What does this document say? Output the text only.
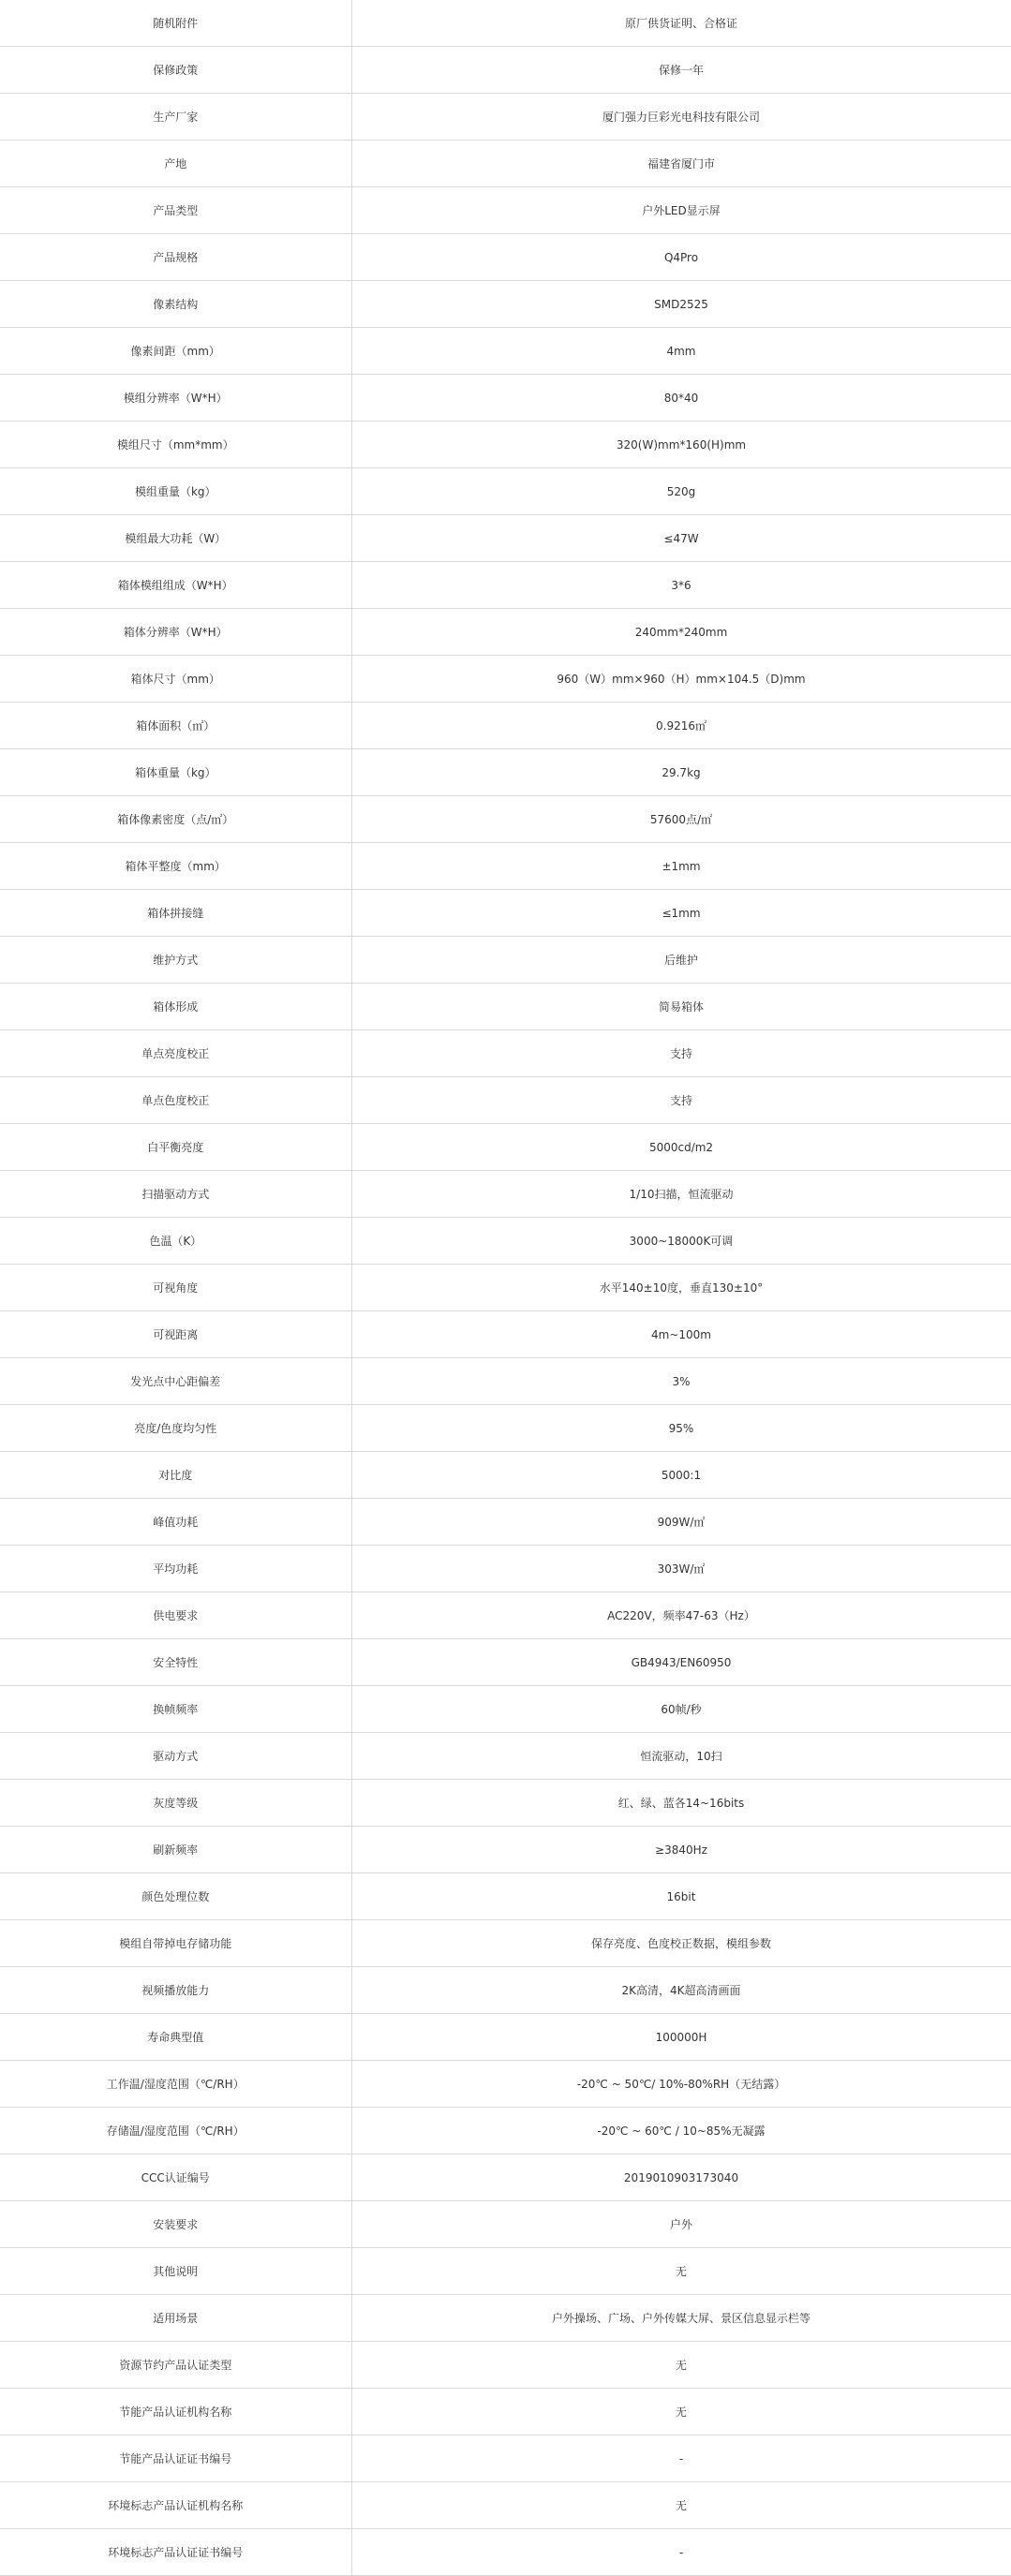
随机附件	原厂供货证明、合格证
保修政策	保修一年
生产厂家	厦门强力巨彩光电科技有限公司
产地	福建省厦门市
产品类型	户外LED显示屏
产品规格	Q4Pro
像素结构	SMD2525
像素间距（mm）	4mm
模组分辨率（W*H）	80*40
模组尺寸（mm*mm）	320(W)mm*160(H)mm
模组重量（kg）	520g
模组最大功耗（W）	≤47W
箱体模组组成（W*H）	3*6
箱体分辨率（W*H）	240mm*240mm
箱体尺寸（mm）	960（W）mm×960（H）mm×104.5（D)mm
箱体面积（㎡）	0.9216㎡
箱体重量（kg）	29.7kg
箱体像素密度（点/㎡）	57600点/㎡
箱体平整度（mm）	±1mm
箱体拼接缝	≤1mm
维护方式	后维护
箱体形成	简易箱体
单点亮度校正	支持
单点色度校正	支持
白平衡亮度	5000cd/m2
扫描驱动方式	1/10扫描，恒流驱动
色温（K）	3000~18000K可调
可视角度	水平140±10度，垂直130±10°
可视距离	4m~100m
发光点中心距偏差	3%
亮度/色度均匀性	95%
对比度	5000:1
峰值功耗	909W/㎡
平均功耗	303W/㎡
供电要求	AC220V，频率47-63（Hz）
安全特性	GB4943/EN60950
换帧频率	60帧/秒
驱动方式	恒流驱动，10扫
灰度等级	红、绿、蓝各14~16bits
刷新频率	≥3840Hz
颜色处理位数	16bit
模组自带掉电存储功能	保存亮度、色度校正数据，模组参数
视频播放能力	2K高清，4K超高清画面
寿命典型值	100000H
工作温/湿度范围（℃/RH）	-20℃ ~ 50℃/ 10%-80%RH（无结露）
存储温/湿度范围（℃/RH）	-20℃ ~ 60℃ / 10~85%无凝露
CCC认证编号	2019010903173040
安装要求	户外
其他说明	无
适用场景	户外操场、广场、户外传媒大屏、景区信息显示栏等
资源节约产品认证类型	无
节能产品认证机构名称	无
节能产品认证证书编号	-
环境标志产品认证机构名称	无
环境标志产品认证证书编号	-
